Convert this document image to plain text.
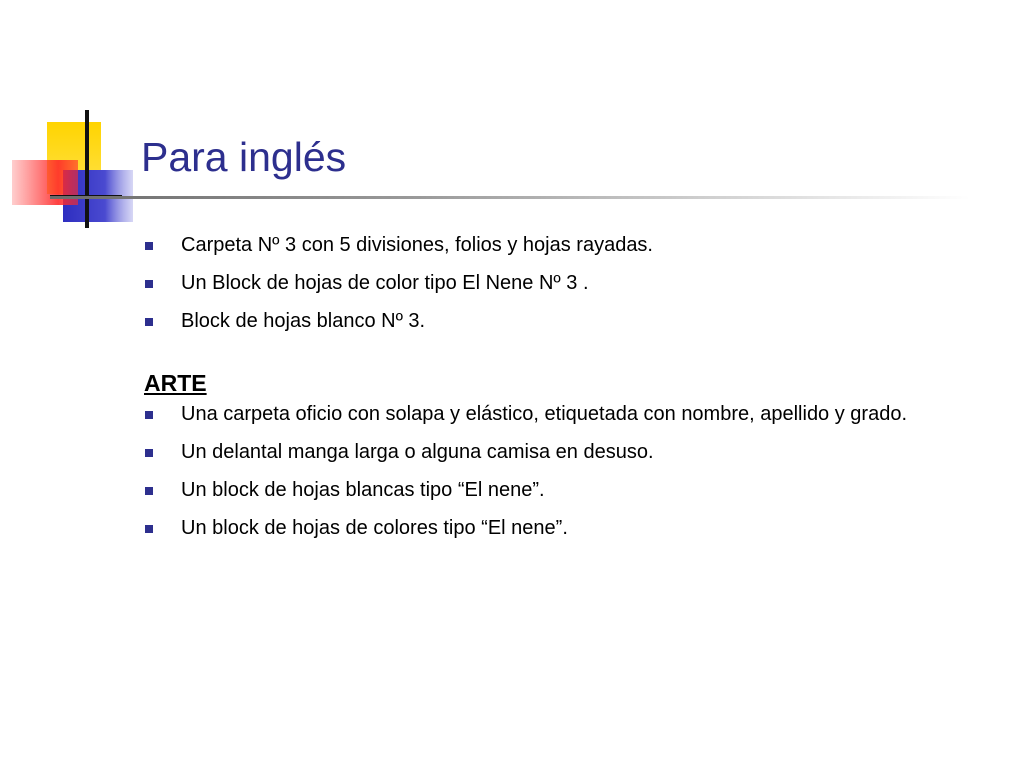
Para inglés
Carpeta Nº 3 con 5 divisiones, folios y hojas rayadas.
Un Block de hojas de color tipo El Nene Nº 3 .
Block de hojas blanco Nº 3.
ARTE
Una carpeta oficio con solapa y elástico, etiquetada con nombre, apellido y grado.
Un delantal manga larga o alguna camisa en desuso.
Un block de hojas blancas tipo “El nene”.
Un block de hojas de colores tipo “El nene”.
